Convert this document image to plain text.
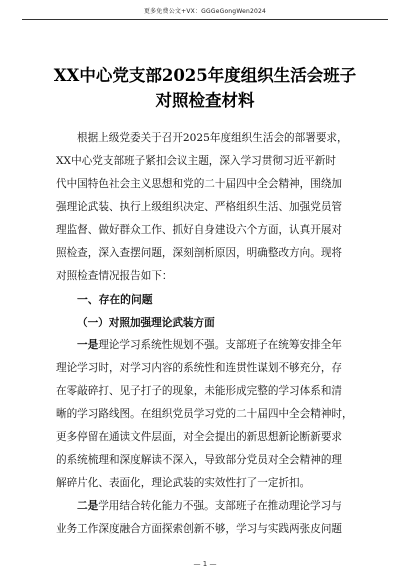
更多免费公文+VX：GGGeGongWen2024
XX中心党支部2025年度组织生活会班子
对照检查材料
根据上级党委关于召开2025年度组织生活会的部署要求，
XX中心党支部班子紧扣会议主题，深入学习贯彻习近平新时
代中国特色社会主义思想和党的二十届四中全会精神，围绕加
强理论武装、执行上级组织决定、严格组织生活、加强党员管
理监督、做好群众工作、抓好自身建设六个方面，认真开展对
照检查，深入查摆问题，深刻剖析原因，明确整改方向。现将
对照检查情况报告如下：
一、存在的问题
（一）对照加强理论武装方面
一是理论学习系统性规划不强。支部班子在统筹安排全年
理论学习时，对学习内容的系统性和连贯性谋划不够充分，存
在零敲碎打、见子打子的现象，未能形成完整的学习体系和清
晰的学习路线图。在组织党员学习党的二十届四中全会精神时，
更多停留在通读文件层面，对全会提出的新思想新论断新要求
的系统梳理和深度解读不深入，导致部分党员对全会精神的理
解碎片化、表面化，理论武装的实效性打了一定折扣。
二是学用结合转化能力不强。支部班子在推动理论学习与
业务工作深度融合方面探索创新不够，学习与实践两张皮问题
— 1 —
